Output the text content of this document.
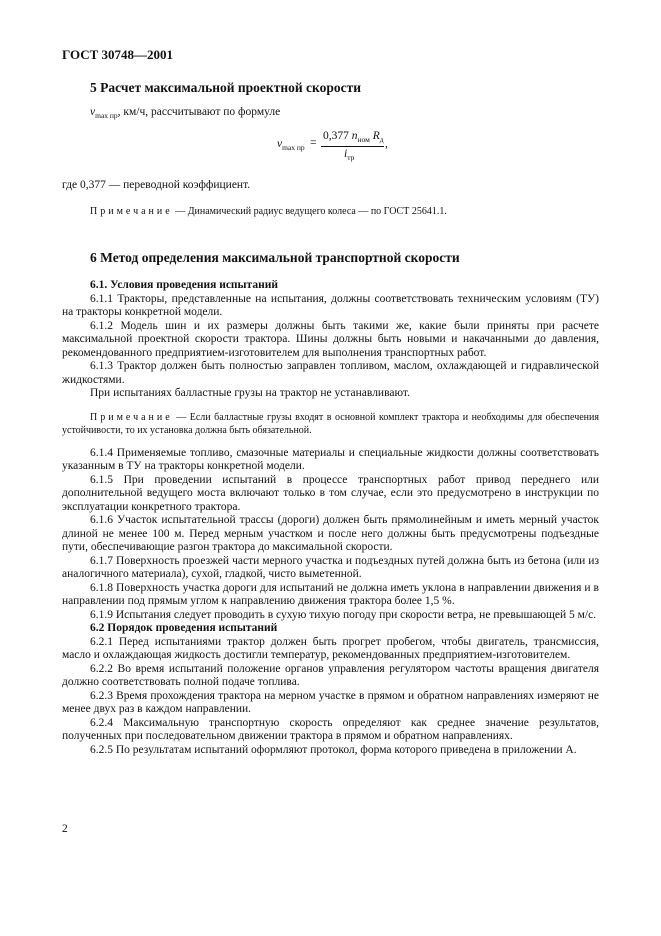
ГОСТ 30748—2001
5 Расчет максимальной проектной скорости
$v_{max пр}$, км/ч, рассчитывают по формуле
$v_{max пр}$ =
0,377 $n_{ном}$ $R_д$
$i_{тр}$
,
где 0,377 — переводной коэффициент.
Примечание — Динамический радиус ведущего колеса — по ГОСТ 25641.1.
6 Метод определения максимальной транспортной скорости

6.1. Условия проведения испытаний

6.1.1 Тракторы, представленные на испытания, должны соответствовать техническим условиям (ТУ) на тракторы конкретной модели.

6.1.2 Модель шин и их размеры должны быть такими же, какие были приняты при расчете максимальной проектной скорости трактора. Шины должны быть новыми и накачанными до давления, рекомендованного предприятием-изготовителем для выполнения транспортных работ.

6.1.3 Трактор должен быть полностью заправлен топливом, маслом, охлаждающей и гидравлической жидкостями.

При испытаниях балластные грузы на трактор не устанавливают.

Примечание — Если балластные грузы входят в основной комплект трактора и необходимы для обеспечения устойчивости, то их установка должна быть обязательной.

6.1.4 Применяемые топливо, смазочные материалы и специальные жидкости должны соответствовать указанным в ТУ на тракторы конкретной модели.

6.1.5 При проведении испытаний в процессе транспортных работ привод переднего или дополнительной ведущего моста включают только в том случае, если это предусмотрено в инструкции по эксплуатации конкретного трактора.

6.1.6 Участок испытательной трассы (дороги) должен быть прямолинейным и иметь мерный участок длиной не менее 100 м. Перед мерным участком и после него должны быть предусмотрены подъездные пути, обеспечивающие разгон трактора до максимальной скорости.

6.1.7 Поверхность проезжей части мерного участка и подъездных путей должна быть из бетона (или из аналогичного материала), сухой, гладкой, чисто выметенной.

6.1.8 Поверхность участка дороги для испытаний не должна иметь уклона в направлении движения и в направлении под прямым углом к направлению движения трактора более 1,5 %.

6.1.9 Испытания следует проводить в сухую тихую погоду при скорости ветра, не превышающей 5 м/с.

6.2 Порядок проведения испытаний

6.2.1 Перед испытаниями трактор должен быть прогрет пробегом, чтобы двигатель, трансмиссия, масло и охлаждающая жидкость достигли температур, рекомендованных предприятием-изготовителем.

6.2.2 Во время испытаний положение органов управления регулятором частоты вращения двигателя должно соответствовать полной подаче топлива.

6.2.3 Время прохождения трактора на мерном участке в прямом и обратном направлениях измеряют не менее двух раз в каждом направлении.

6.2.4 Максимальную транспортную скорость определяют как среднее значение результатов, полученных при последовательном движении трактора в прямом и обратном направлениях.

6.2.5 По результатам испытаний оформляют протокол, форма которого приведена в приложении А.

2
